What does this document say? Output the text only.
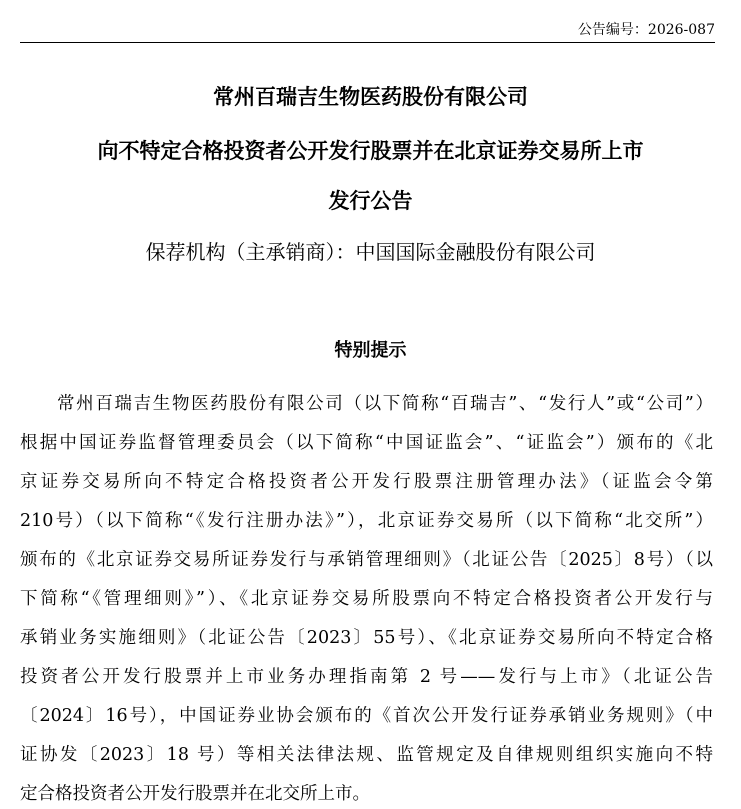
公告编号：2026-087
常州百瑞吉生物医药股份有限公司
向不特定合格投资者公开发行股票并在北京证券交易所上市
发行公告
保荐机构（主承销商）：中国国际金融股份有限公司
特别提示
常州百瑞吉生物医药股份有限公司（以下简称“百瑞吉”、“发行人”或“公司”）
根据中国证券监督管理委员会（以下简称“中国证监会”、“证监会”）颁布的《北
京证券交易所向不特定合格投资者公开发行股票注册管理办法》（证监会令第
210号）（以下简称“《发行注册办法》”），北京证券交易所（以下简称“北交所”）
颁布的《北京证券交易所证券发行与承销管理细则》（北证公告〔2025〕8号）（以
下简称“《管理细则》”）、《北京证券交易所股票向不特定合格投资者公开发行与
承销业务实施细则》（北证公告〔2023〕55号）、《北京证券交易所向不特定合格
投资者公开发行股票并上市业务办理指南第 2 号——发行与上市》（北证公告
〔2024〕16号），中国证券业协会颁布的《首次公开发行证券承销业务规则》（中
证协发〔2023〕18 号）等相关法律法规、监管规定及自律规则组织实施向不特
定合格投资者公开发行股票并在北交所上市。
